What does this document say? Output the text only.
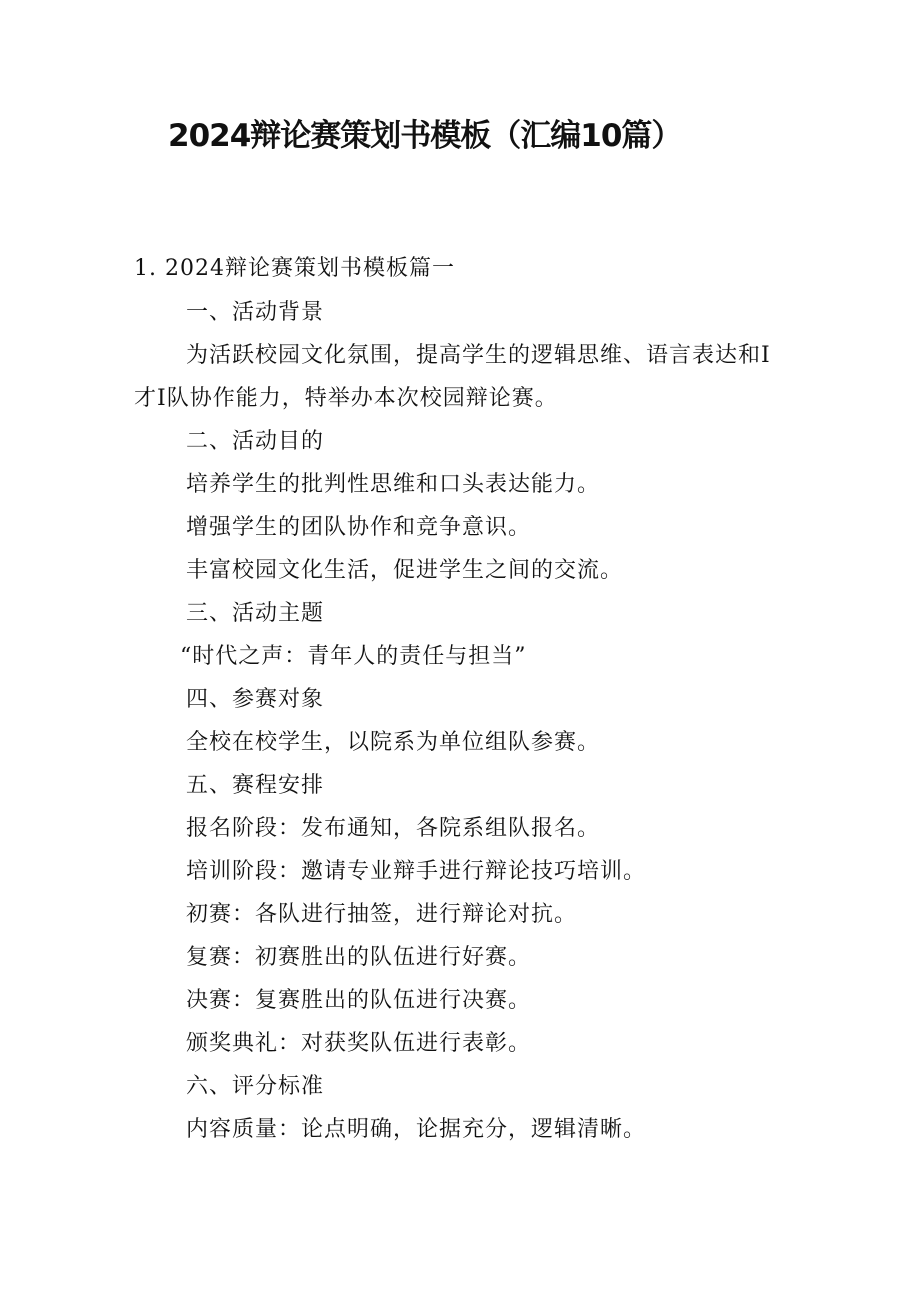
2024辩论赛策划书模板（汇编10篇）

1. 2024辩论赛策划书模板篇一

一、活动背景

为活跃校园文化氛围，提高学生的逻辑思维、语言表达和I

才I队协作能力，特举办本次校园辩论赛。

二、活动目的

培养学生的批判性思维和口头表达能力。

增强学生的团队协作和竞争意识。

丰富校园文化生活，促进学生之间的交流。

三、活动主题

“时代之声：青年人的责任与担当”

四、参赛对象

全校在校学生，以院系为单位组队参赛。

五、赛程安排

报名阶段：发布通知，各院系组队报名。

培训阶段：邀请专业辩手进行辩论技巧培训。

初赛：各队进行抽签，进行辩论对抗。

复赛：初赛胜出的队伍进行好赛。

决赛：复赛胜出的队伍进行决赛。

颁奖典礼：对获奖队伍进行表彰。

六、评分标准

内容质量：论点明确，论据充分，逻辑清晰。
